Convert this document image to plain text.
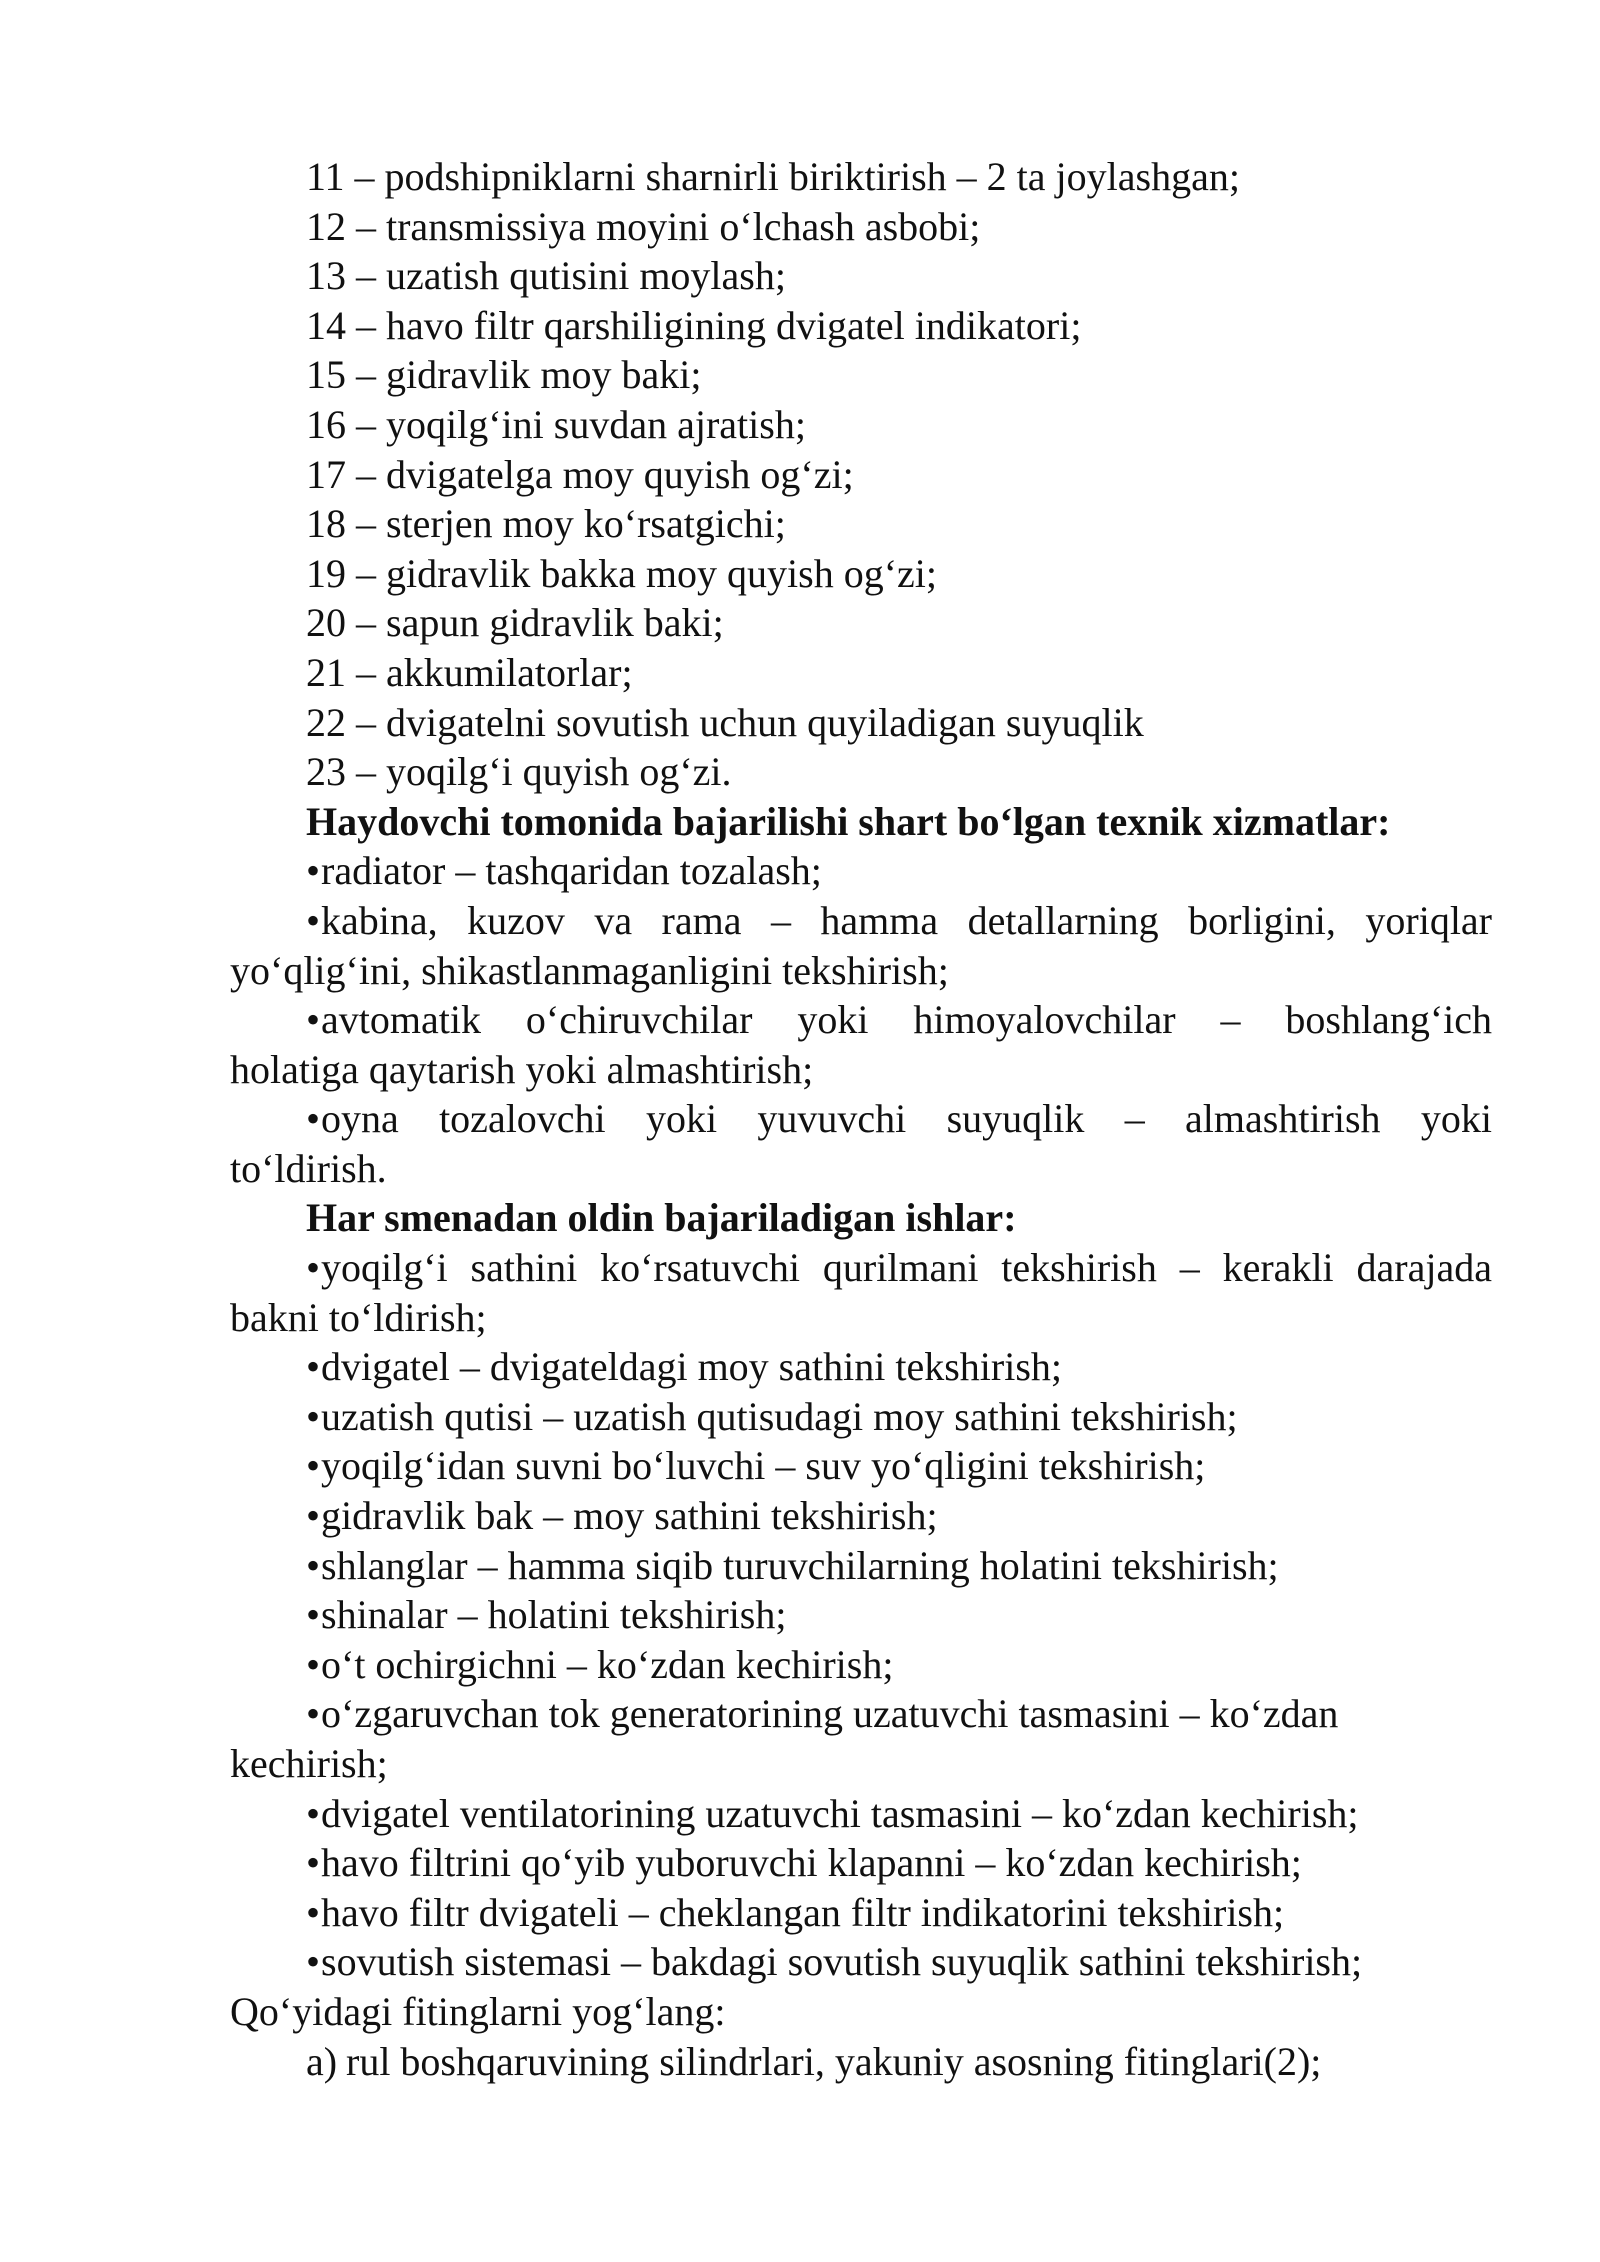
11 – podshipniklarni sharnirli biriktirish – 2 ta joylashgan;
12 – transmissiya moyini o‘lchash asbobi;
13 – uzatish qutisini moylash;
14 – havo filtr qarshiligining dvigatel indikatori;
15 – gidravlik moy baki;
16 – yoqilg‘ini suvdan ajratish;
17 – dvigatelga moy quyish og‘zi;
18 – sterjen moy ko‘rsatgichi;
19 – gidravlik bakka moy quyish og‘zi;
20 – sapun gidravlik baki;
21 – akkumilatorlar;
22 – dvigatelni sovutish uchun quyiladigan suyuqlik
23 – yoqilg‘i quyish og‘zi.
Haydovchi tomonida bajarilishi shart bo‘lgan texnik xizmatlar:
•radiator – tashqaridan tozalash;
•kabina, kuzov va rama – hamma detallarning borligini, yoriqlar
yo‘qlig‘ini, shikastlanmaganligini tekshirish;
•avtomatik o‘chiruvchilar yoki himoyalovchilar – boshlang‘ich
holatiga qaytarish yoki almashtirish;
•oyna tozalovchi yoki yuvuvchi suyuqlik – almashtirish yoki
to‘ldirish.
Har smenadan oldin bajariladigan ishlar:
•yoqilg‘i sathini ko‘rsatuvchi qurilmani tekshirish – kerakli darajada
bakni to‘ldirish;
•dvigatel – dvigateldagi moy sathini tekshirish;
•uzatish qutisi – uzatish qutisudagi moy sathini tekshirish;
•yoqilg‘idan suvni bo‘luvchi – suv yo‘qligini tekshirish;
•gidravlik bak – moy sathini tekshirish;
•shlanglar – hamma siqib turuvchilarning holatini tekshirish;
•shinalar – holatini tekshirish;
•o‘t ochirgichni – ko‘zdan kechirish;
•o‘zgaruvchan tok generatorining uzatuvchi tasmasini – ko‘zdan
kechirish;
•dvigatel ventilatorining uzatuvchi tasmasini – ko‘zdan kechirish;
•havo filtrini qo‘yib yuboruvchi klapanni – ko‘zdan kechirish;
•havo filtr dvigateli – cheklangan filtr indikatorini tekshirish;
•sovutish sistemasi – bakdagi sovutish suyuqlik sathini tekshirish;
Qo‘yidagi fitinglarni yog‘lang:
a) rul boshqaruvining silindrlari, yakuniy asosning fitinglari(2);
